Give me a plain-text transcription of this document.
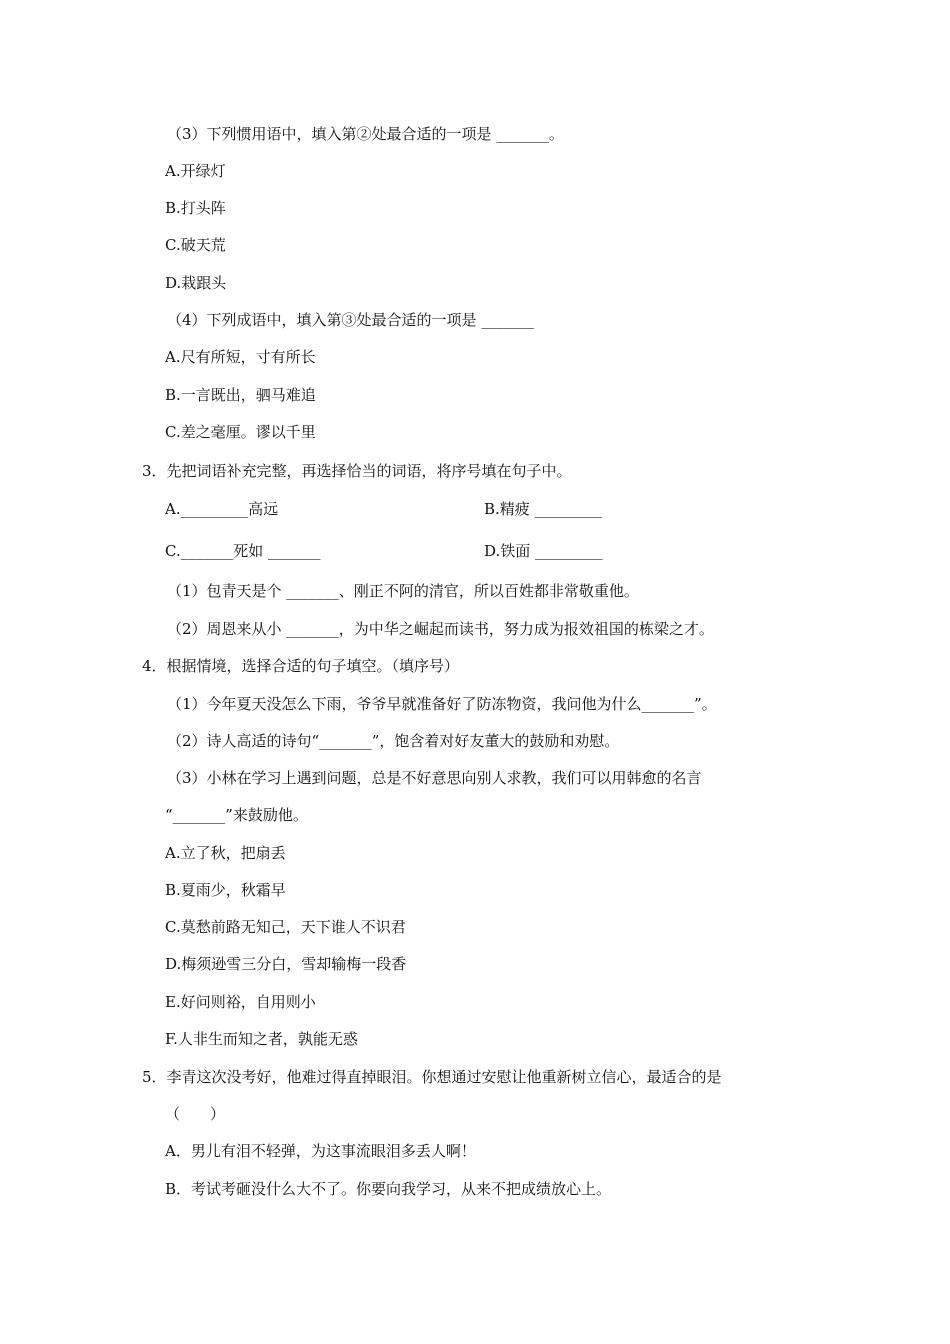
（3）下列惯用语中，填入第②处最合适的一项是 _______。
A.开绿灯
B.打头阵
C.破天荒
D.栽跟头
（4）下列成语中，填入第③处最合适的一项是 _______
A.尺有所短，寸有所长
B.一言既出，驷马难追
C.差之毫厘。谬以千里
3．先把词语补充完整，再选择恰当的词语，将序号填在句子中。
A._________高远	B.精疲 _________
C._______死如 _______	D.铁面 _________
（1）包青天是个 _______、刚正不阿的清官，所以百姓都非常敬重他。
（2）周恩来从小 _______，为中华之崛起而读书，努力成为报效祖国的栋梁之才。
4．根据情境，选择合适的句子填空。（填序号）
（1）今年夏天没怎么下雨，爷爷早就准备好了防冻物资，我问他为什么_______”。
（2）诗人高适的诗句“_______”，饱含着对好友董大的鼓励和劝慰。
（3）小林在学习上遇到问题，总是不好意思向别人求教，我们可以用韩愈的名言
“_______”来鼓励他。
A.立了秋，把扇丢
B.夏雨少，秋霜早
C.莫愁前路无知己，天下谁人不识君
D.梅须逊雪三分白，雪却输梅一段香
E.好问则裕，自用则小
F.人非生而知之者，孰能无惑
5．李青这次没考好，他难过得直掉眼泪。你想通过安慰让他重新树立信心，最适合的是
（　　）
A．男儿有泪不轻弹，为这事流眼泪多丢人啊！
B．考试考砸没什么大不了。你要向我学习，从来不把成绩放心上。
